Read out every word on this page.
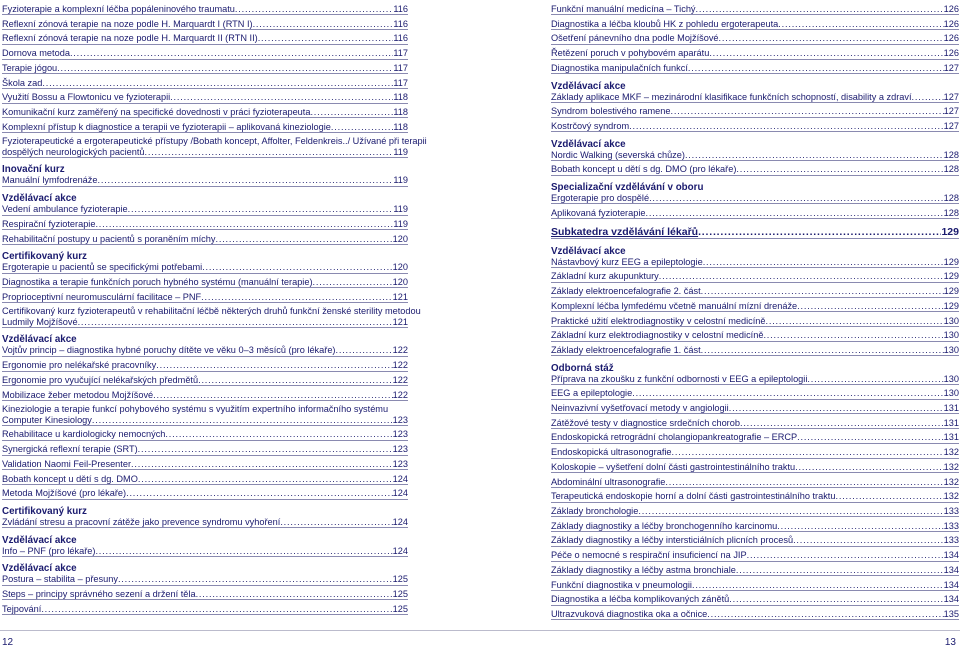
Fyzioterapie a komplexní léčba popáleninového traumatu .....	116
Reflexní zónová terapie na noze podle H. Marquardt I (RTN I) .....	116
Reflexní zónová terapie na noze podle H. Marquardt II (RTN II) .....	116
Dornova metoda .....	117
Terapie jógou .....	117
Škola zad .....	117
Využití Bossu a Flowtonicu ve fyzioterapii .....	118
Komunikační kurz zaměřený na specifické dovednosti v práci fyzioterapeuta .....	118
Komplexní přístup k diagnostice a terapii ve fyzioterapii – aplikovaná kineziologie .....	118
Fyzioterapeutické a ergoterapeutické přístupy /Bobath koncept, Affolter, Feldenkreis../ Užívané při terapii
dospělých neurologických pacientů .....	119
Inovační kurz
Manuální lymfodrenáže .....	119
Vzdělávací akce
Vedení ambulance fyzioterapie .....	119
Respirační fyzioterapie .....	119
Rehabilitační postupy u pacientů s poraněním míchy .....	120
Certifikovaný kurz
Ergoterapie u pacientů se specifickými potřebami .....	120
Diagnostika a terapie funkčních poruch hybného systému (manuální terapie) .....	120
Proprioceptivní neuromusculární facilitace – PNF .....	121
Certifikovaný kurz fyzioterapeutů v rehabilitační léčbě některých druhů funkční ženské sterility metodou
Ludmily Mojžíšové .....	121
Vzdělávací akce
Vojtův princip – diagnostika hybné poruchy dítěte ve věku 0–3 měsíců (pro lékaře) .....	122
Ergonomie pro nelékařské pracovníky .....	122
Ergonomie pro vyučující nelékařských předmětů .....	122
Mobilizace žeber metodou Mojžíšové .....	122
Kineziologie a terapie funkcí pohybového systému s využitím expertního informačního systému
Computer Kinesiology .....	123
Rehabilitace u kardiologicky nemocných .....	123
Synergická reflexní terapie (SRT) .....	123
Validation Naomi Feil-Presenter .....	123
Bobath koncept u dětí s dg. DMO .....	124
Metoda Mojžíšové (pro lékaře) .....	124
Certifikovaný kurz
Zvládání stresu a pracovní zátěže jako prevence syndromu vyhoření .....	124
Vzdělávací akce
Info – PNF (pro lékaře) .....	124
Vzdělávací akce
Postura – stabilita – přesuny .....	125
Steps – principy správného sezení a držení těla .....	125
Tejpování .....	125
Funkční manuální medicína – Tichý .....	126
Diagnostika a léčba kloubů HK z pohledu ergoterapeuta .....	126
Ošetření pánevního dna podle Mojžíšové .....	126
Řetězení poruch v pohybovém aparátu .....	126
Diagnostika manipulačních funkcí .....	127
Vzdělávací akce
Základy aplikace MKF – mezinárodní klasifikace funkčních schopností, disability a zdraví .....	127
Syndrom bolestivého ramene .....	127
Kostrčový syndrom .....	127
Vzdělávací akce
Nordic Walking (severská chůze) .....	128
Bobath koncept u dětí s dg. DMO (pro lékaře) .....	128
Specializační vzdělávání v oboru
Ergoterapie pro dospělé .....	128
Aplikovaná fyzioterapie .....	128
Subkatedra vzdělávání lékařů .....	129
Vzdělávací akce
Nástavbový kurz EEG a epileptologie .....	129
Základní kurz akupunktury .....	129
Základy elektroencefalografie 2. část .....	129
Komplexní léčba lymfedému včetně manuální mízní drenáže .....	129
Praktické užití elektrodiagnostiky v celostní medicíně .....	130
Základní kurz elektrodiagnostiky v celostní medicíně .....	130
Základy elektroencefalografie 1. část .....	130
Odborná stáž
Příprava na zkoušku z funkční odbornosti v EEG a epileptologii .....	130
EEG a epileptologie .....	130
Neinvazivní vyšetřovací metody v angiologii .....	131
Zátěžové testy v diagnostice srdečních chorob .....	131
Endoskopická retrográdní cholangiopankreatografie – ERCP .....	131
Endoskopická ultrasonografie .....	132
Koloskopie – vyšetření dolní části gastrointestinálního traktu .....	132
Abdominální ultrasonografie .....	132
Terapeutická endoskopie horní a dolní části gastrointestinálního traktu .....	132
Základy bronchologie .....	133
Základy diagnostiky a léčby bronchogenního karcinomu .....	133
Základy diagnostiky a léčby intersticiálních plicních procesů .....	133
Péče o nemocné s respirační insuficiencí na JIP .....	134
Základy diagnostiky a léčby astma bronchiale .....	134
Funkční diagnostika v pneumologii .....	134
Diagnostika a léčba komplikovaných zánětů .....	134
Ultrazvuková diagnostika oka a očnice .....	135
12	13
